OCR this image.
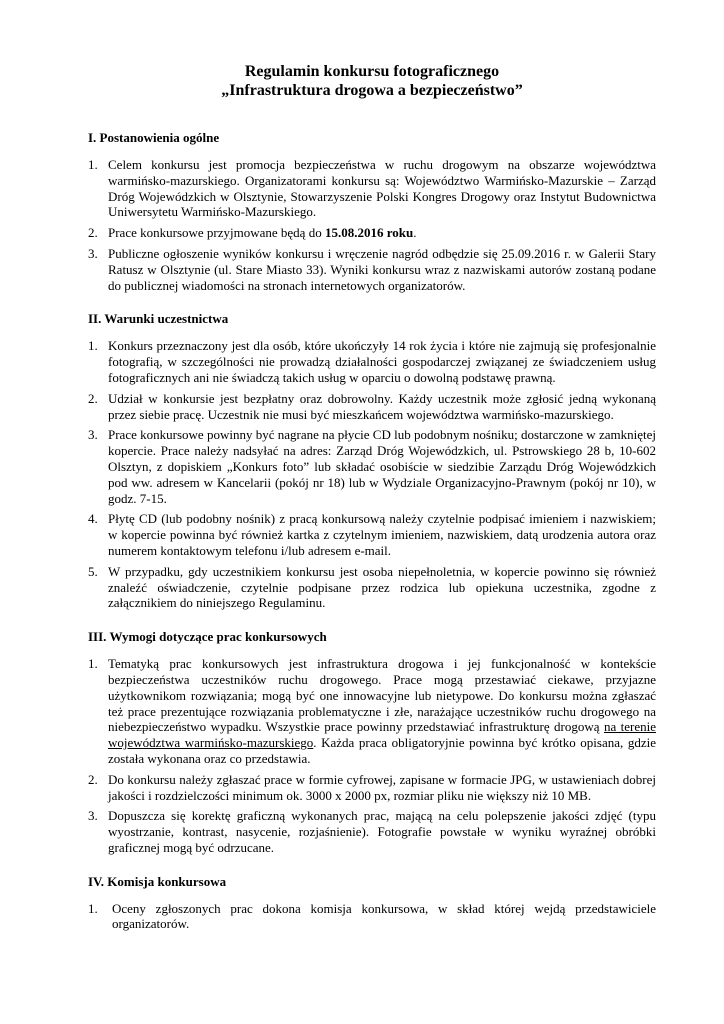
Regulamin konkursu fotograficznego
„Infrastruktura drogowa a bezpieczeństwo”
I. Postanowienia ogólne
1. Celem konkursu jest promocja bezpieczeństwa w ruchu drogowym na obszarze województwa warmińsko-mazurskiego. Organizatorami konkursu są: Województwo Warmińsko-Mazurskie – Zarząd Dróg Wojewódzkich w Olsztynie, Stowarzyszenie Polski Kongres Drogowy oraz Instytut Budownictwa Uniwersytetu Warmińsko-Mazurskiego.
2. Prace konkursowe przyjmowane będą do 15.08.2016 roku.
3. Publiczne ogłoszenie wyników konkursu i wręczenie nagród odbędzie się 25.09.2016 r. w Galerii Stary Ratusz w Olsztynie (ul. Stare Miasto 33). Wyniki konkursu wraz z nazwiskami autorów zostaną podane do publicznej wiadomości na stronach internetowych organizatorów.
II. Warunki uczestnictwa
1. Konkurs przeznaczony jest dla osób, które ukończyły 14 rok życia i które nie zajmują się profesjonalnie fotografią, w szczególności nie prowadzą działalności gospodarczej związanej ze świadczeniem usług fotograficznych ani nie świadczą takich usług w oparciu o dowolną podstawę prawną.
2. Udział w konkursie jest bezpłatny oraz dobrowolny. Każdy uczestnik może zgłosić jedną wykonaną przez siebie pracę. Uczestnik nie musi być mieszkańcem województwa warmińsko-mazurskiego.
3. Prace konkursowe powinny być nagrane na płycie CD lub podobnym nośniku; dostarczone w zamkniętej kopercie. Prace należy nadsyłać na adres: Zarząd Dróg Wojewódzkich, ul. Pstrowskiego 28 b, 10-602 Olsztyn, z dopiskiem „Konkurs foto” lub składać osobiście w siedzibie Zarządu Dróg Wojewódzkich pod ww. adresem w Kancelarii (pokój nr 18) lub w Wydziale Organizacyjno-Prawnym (pokój nr 10), w godz. 7-15.
4. Płytę CD (lub podobny nośnik) z pracą konkursową należy czytelnie podpisać imieniem i nazwiskiem; w kopercie powinna być również kartka z czytelnym imieniem, nazwiskiem, datą urodzenia autora oraz numerem kontaktowym telefonu i/lub adresem e-mail.
5. W przypadku, gdy uczestnikiem konkursu jest osoba niepełnoletnia, w kopercie powinno się również znaleźć oświadczenie, czytelnie podpisane przez rodzica lub opiekuna uczestnika, zgodne z załącznikiem do niniejszego Regulaminu.
III. Wymogi dotyczące prac konkursowych
1. Tematyką prac konkursowych jest infrastruktura drogowa i jej funkcjonalność w kontekście bezpieczeństwa uczestników ruchu drogowego. Prace mogą przestawiać ciekawe, przyjazne użytkownikom rozwiązania; mogą być one innowacyjne lub nietypowe. Do konkursu można zgłaszać też prace prezentujące rozwiązania problematyczne i złe, narażające uczestników ruchu drogowego na niebezpieczeństwo wypadku. Wszystkie prace powinny przedstawiać infrastrukturę drogową na terenie województwa warmińsko-mazurskiego. Każda praca obligatoryjnie powinna być krótko opisana, gdzie została wykonana oraz co przedstawia.
2. Do konkursu należy zgłaszać prace w formie cyfrowej, zapisane w formacie JPG, w ustawieniach dobrej jakości i rozdzielczości minimum ok. 3000 x 2000 px, rozmiar pliku nie większy niż 10 MB.
3. Dopuszcza się korektę graficzną wykonanych prac, mającą na celu polepszenie jakości zdjęć (typu wyostrzanie, kontrast, nasycenie, rozjaśnienie). Fotografie powstałe w wyniku wyraźnej obróbki graficznej mogą być odrzucane.
IV. Komisja konkursowa
1. Oceny zgłoszonych prac dokona komisja konkursowa, w skład której wejdą przedstawiciele organizatorów.
